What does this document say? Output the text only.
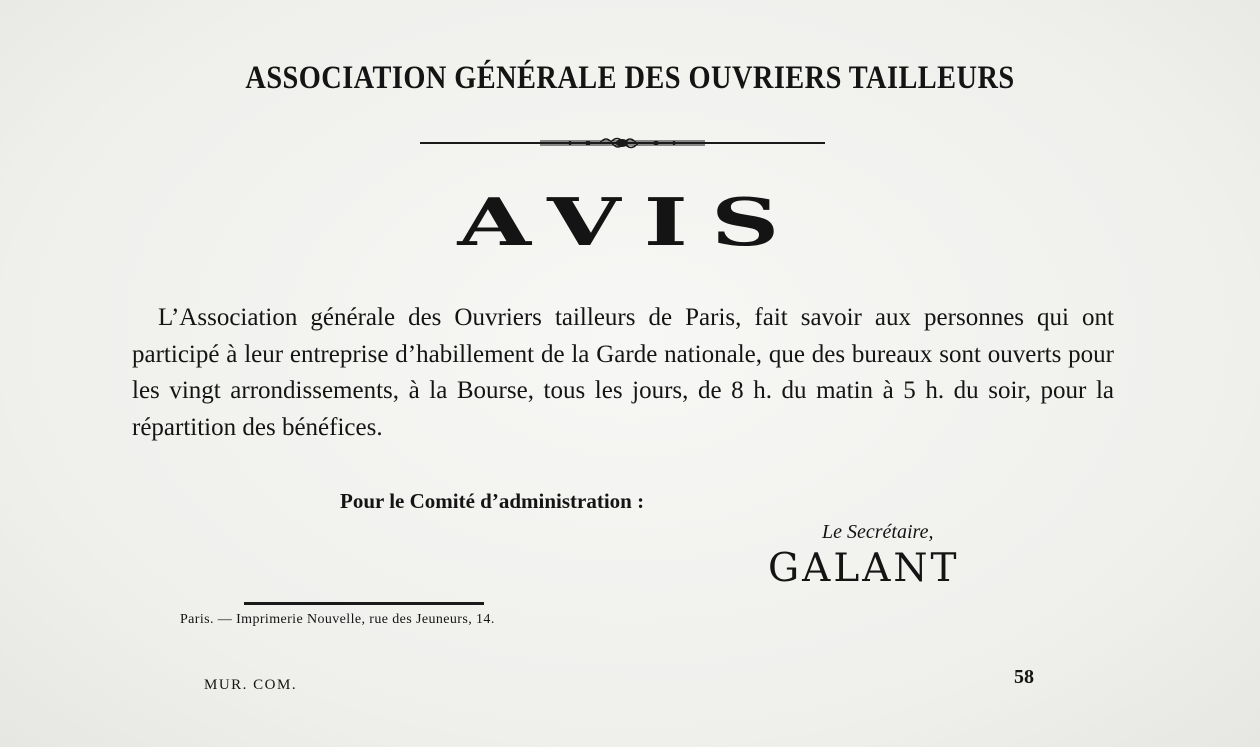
ASSOCIATION GÉNÉRALE DES OUVRIERS TAILLEURS
AVIS
L’Association générale des Ouvriers tailleurs de Paris, fait savoir aux personnes qui ont participé à leur entreprise d’habillement de la Garde nationale, que des bureaux sont ouverts pour les vingt arrondissements, à la Bourse, tous les jours, de 8 h. du matin à 5 h. du soir, pour la répartition des bénéfices.
Pour le Comité d’administration :
Le Secrétaire,
GALANT
Paris. — Imprimerie Nouvelle, rue des Jeuneurs, 14.
MUR. COM.	58
